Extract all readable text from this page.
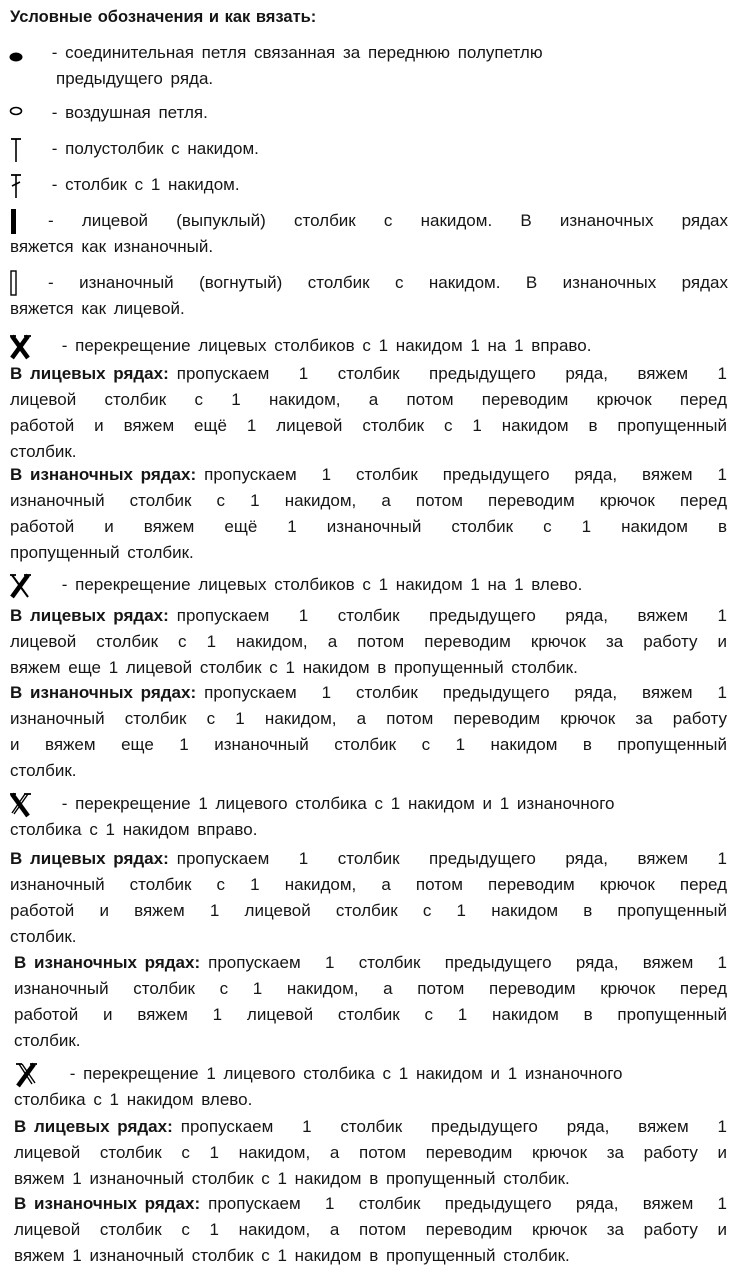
Условные обозначения и как вязать:
- соединительная петля связанная за переднюю полупетлю
предыдущего ряда.
- воздушная петля.
- полустолбик с накидом.
- столбик с 1 накидом.
- лицевой (выпуклый) столбик с накидом. В изнаночных рядах
вяжется как изнаночный.
- изнаночный (вогнутый) столбик с накидом. В изнаночных рядах
вяжется как лицевой.
- перекрещение лицевых столбиков с 1 накидом 1 на 1 вправо.
В лицевых рядах: пропускаем 1 столбик предыдущего ряда, вяжем 1
лицевой столбик с 1 накидом, а потом переводим крючок перед
работой и вяжем ещё 1 лицевой столбик с 1 накидом в пропущенный
столбик.
В изнаночных рядах: пропускаем 1 столбик предыдущего ряда, вяжем 1
изнаночный столбик с 1 накидом, а потом переводим крючок перед
работой и вяжем ещё 1 изнаночный столбик с 1 накидом в
пропущенный столбик.
- перекрещение лицевых столбиков с 1 накидом 1 на 1 влево.
В лицевых рядах: пропускаем 1 столбик предыдущего ряда, вяжем 1
лицевой столбик с 1 накидом, а потом переводим крючок за работу и
вяжем еще 1 лицевой столбик с 1 накидом в пропущенный столбик.
В изнаночных рядах: пропускаем 1 столбик предыдущего ряда, вяжем 1
изнаночный столбик с 1 накидом, а потом переводим крючок за работу
и вяжем еще 1 изнаночный столбик с 1 накидом в пропущенный
столбик.
- перекрещение 1 лицевого столбика с 1 накидом и 1 изнаночного
столбика с 1 накидом вправо.
В лицевых рядах: пропускаем 1 столбик предыдущего ряда, вяжем 1
изнаночный столбик с 1 накидом, а потом переводим крючок перед
работой и вяжем 1 лицевой столбик с 1 накидом в пропущенный
столбик.
В изнаночных рядах: пропускаем 1 столбик предыдущего ряда, вяжем 1
изнаночный столбик с 1 накидом, а потом переводим крючок перед
работой и вяжем 1 лицевой столбик с 1 накидом в пропущенный
столбик.
- перекрещение 1 лицевого столбика с 1 накидом и 1 изнаночного
столбика с 1 накидом влево.
В лицевых рядах: пропускаем 1 столбик предыдущего ряда, вяжем 1
лицевой столбик с 1 накидом, а потом переводим крючок за работу и
вяжем 1 изнаночный столбик с 1 накидом в пропущенный столбик.
В изнаночных рядах: пропускаем 1 столбик предыдущего ряда, вяжем 1
лицевой столбик с 1 накидом, а потом переводим крючок за работу и
вяжем 1 изнаночный столбик с 1 накидом в пропущенный столбик.
